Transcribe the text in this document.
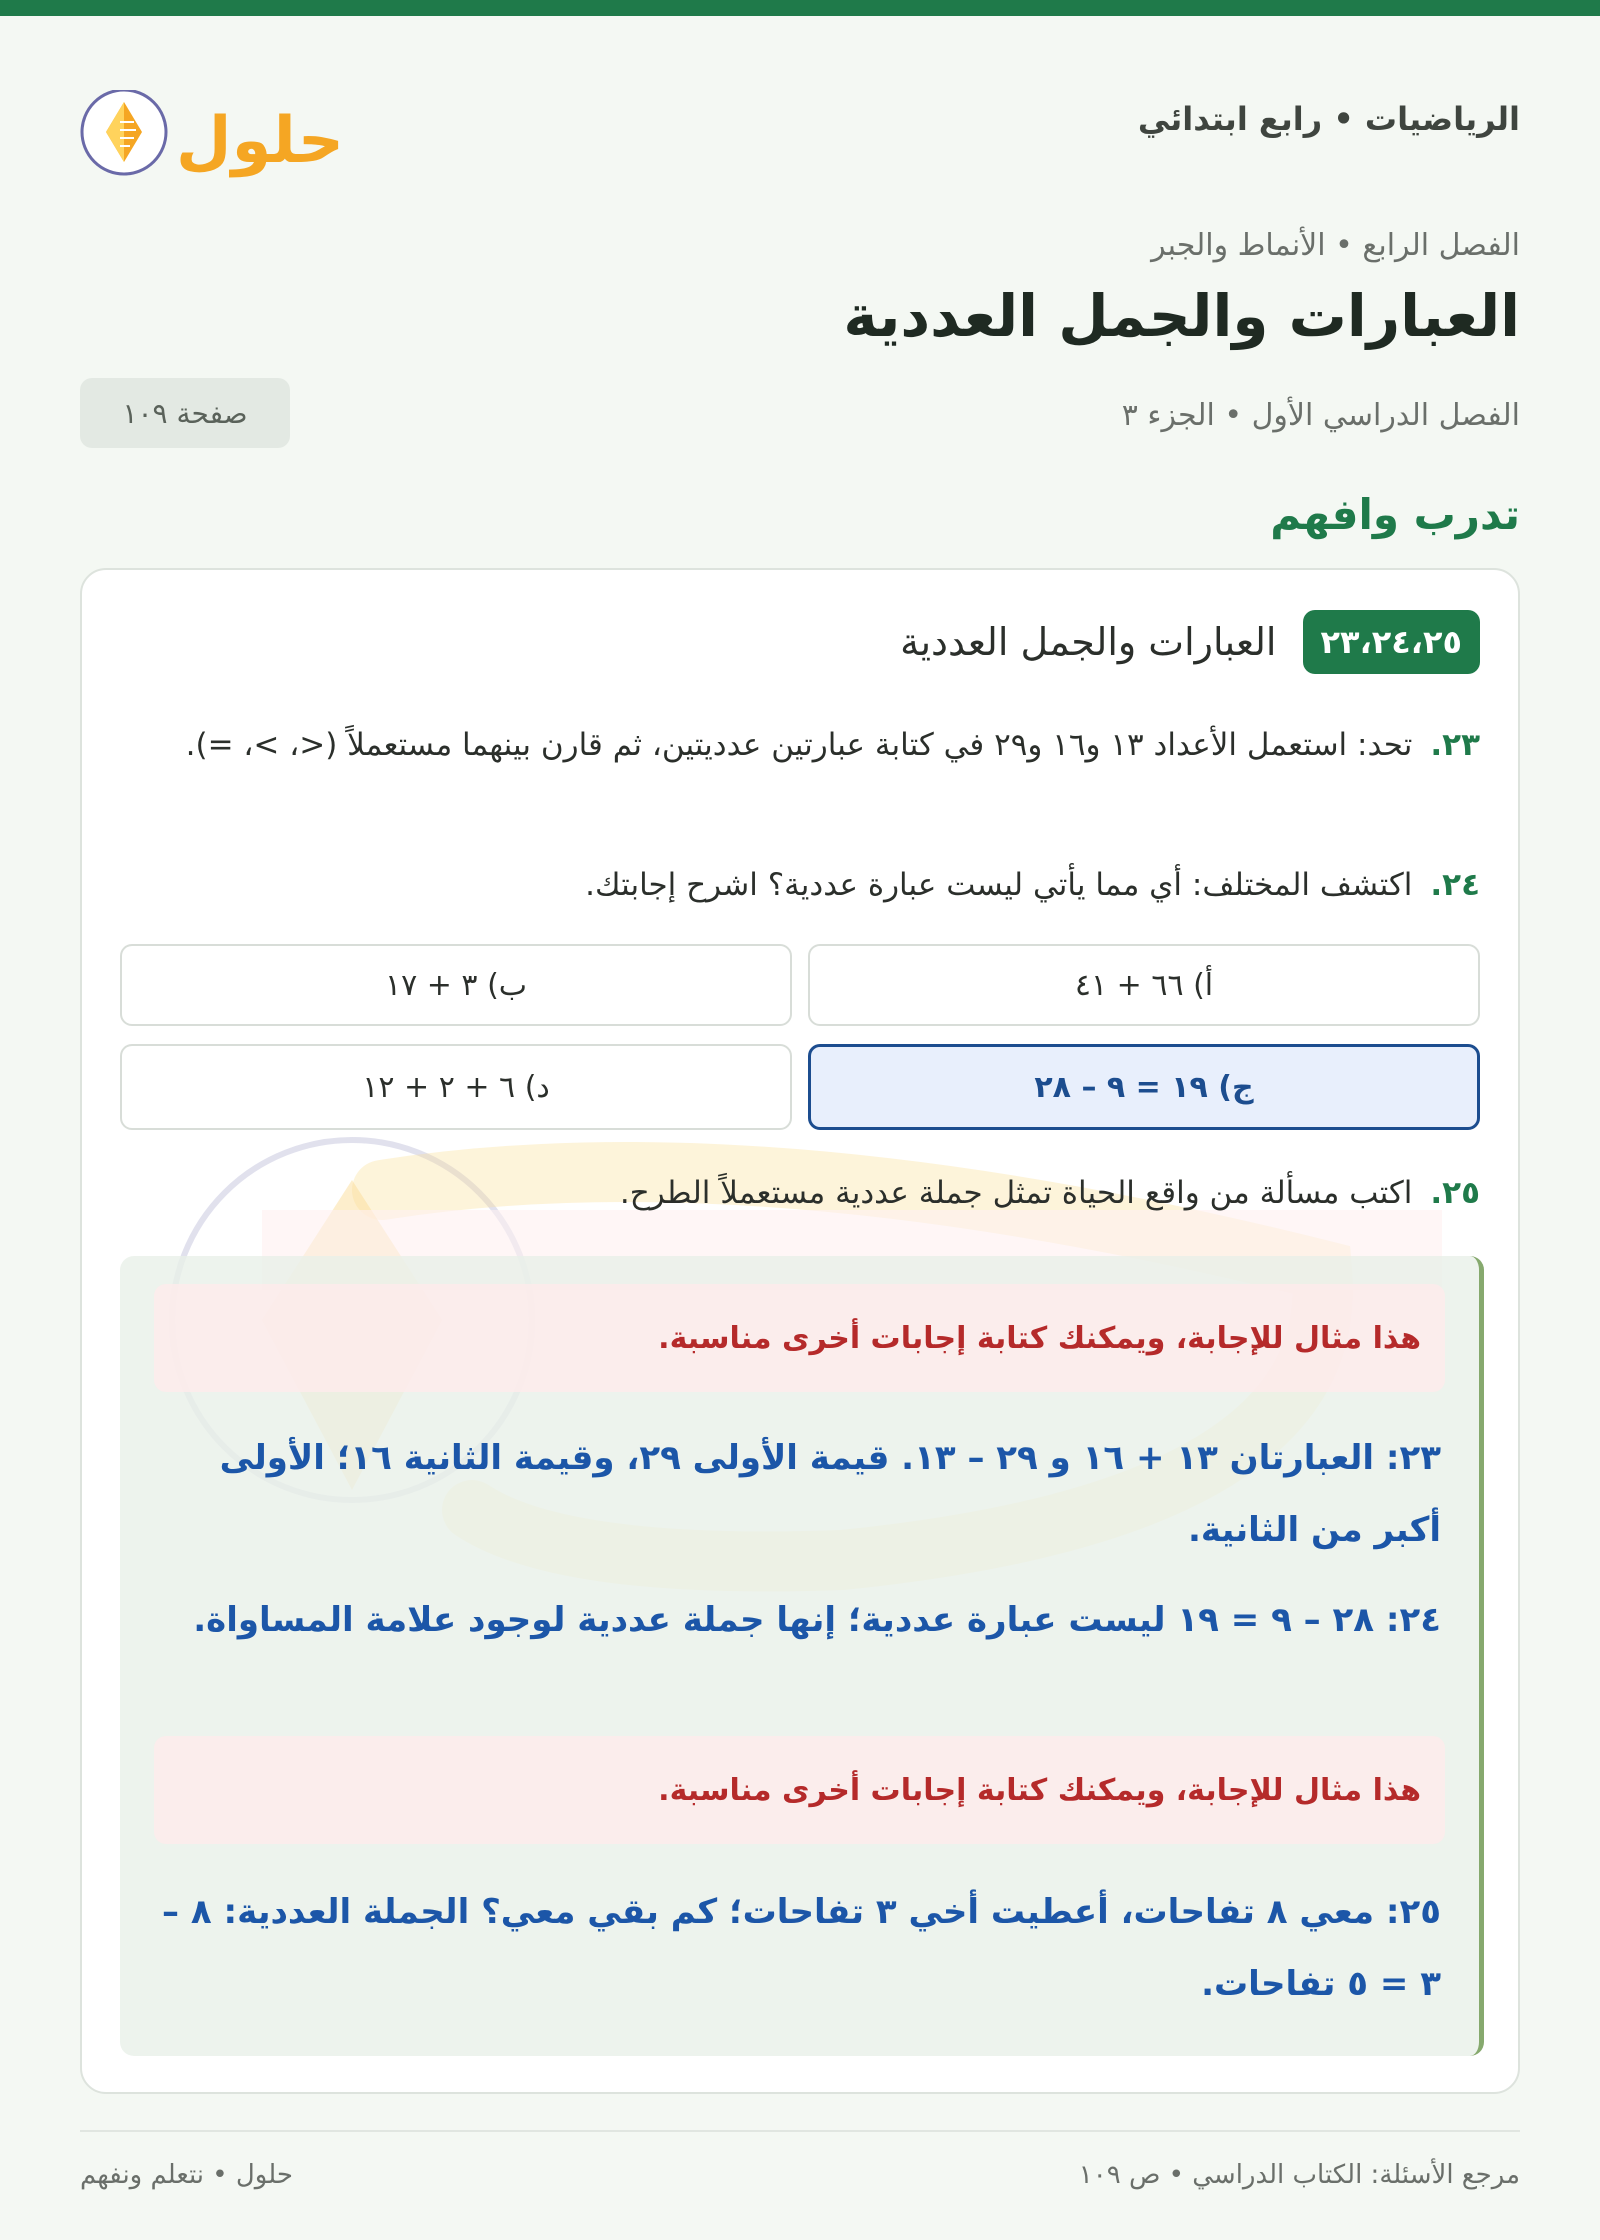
الرياضيات • رابع ابتدائي
حلول
الفصل الرابع • الأنماط والجبر
العبارات والجمل العددية
الفصل الدراسي الأول • الجزء ٣
صفحة ١٠٩
تدرب وافهم
٢٣،٢٤،٢٥
العبارات والجمل العددية
٢٣.تحد: استعمل الأعداد ١٣ و١٦ و٢٩ في كتابة عبارتين عدديتين، ثم قارن بينهما مستعملاً (<، >، =).
٢٤.اكتشف المختلف: أي مما يأتي ليست عبارة عددية؟ اشرح إجابتك.
أ) ٦٦ + ٤١
ب) ٣ + ١٧
ج) ١٩ = ٩ – ٢٨
د) ٦ + ٢ + ١٢
٢٥.اكتب مسألة من واقع الحياة تمثل جملة عددية مستعملاً الطرح.
هذا مثال للإجابة، ويمكنك كتابة إجابات أخرى مناسبة.
٢٣: العبارتان ١٣ + ١٦ و ٢٩ – ١٣. قيمة الأولى ٢٩، وقيمة الثانية ١٦؛ الأولى أكبر من الثانية.
٢٤: ٢٨ – ٩ = ١٩ ليست عبارة عددية؛ إنها جملة عددية لوجود علامة المساواة.
هذا مثال للإجابة، ويمكنك كتابة إجابات أخرى مناسبة.
٢٥: معي ٨ تفاحات، أعطيت أخي ٣ تفاحات؛ كم بقي معي؟ الجملة العددية: ٨ – ٣ = ٥ تفاحات.
مرجع الأسئلة: الكتاب الدراسي • ص ١٠٩
حلول • نتعلم ونفهم
